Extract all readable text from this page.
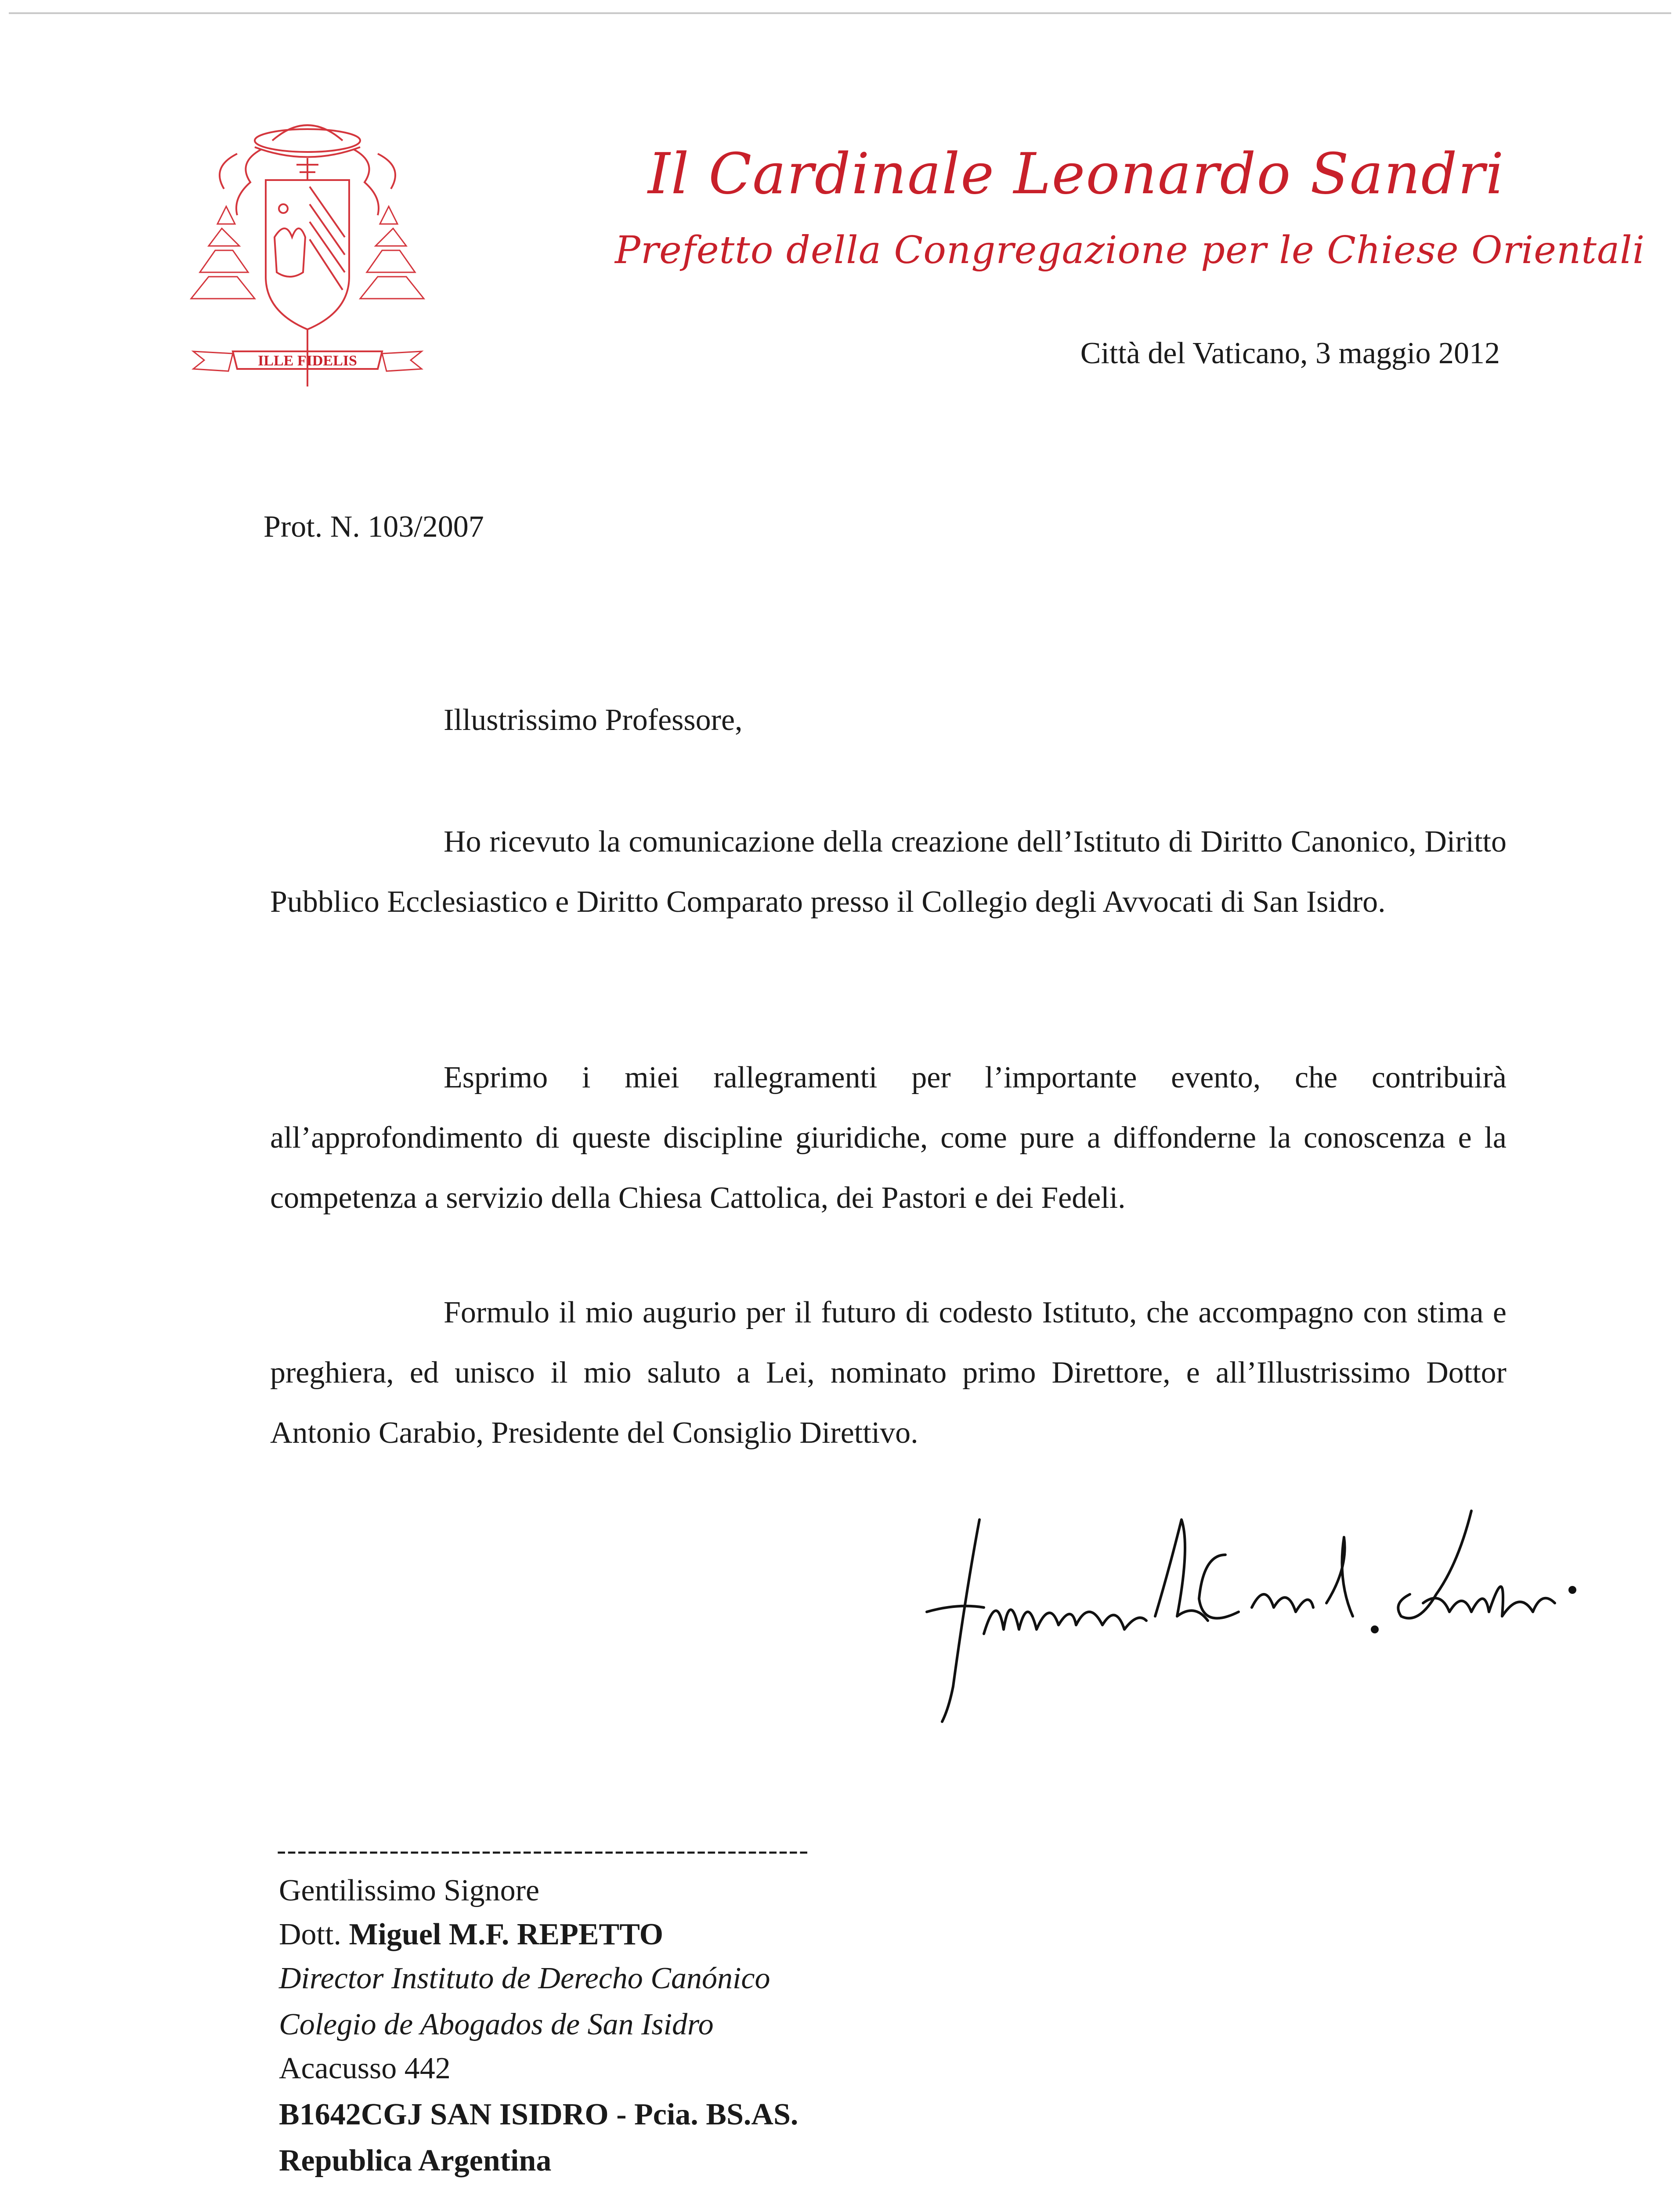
ILLE FIDELIS
Il Cardinale Leonardo Sandri
Prefetto della Congregazione per le Chiese Orientali
Città del Vaticano, 3 maggio 2012
Prot. N. 103/2007
Illustrissimo Professore,

Ho ricevuto la comunicazione della creazione dell’Istituto di Diritto Canonico, Diritto Pubblico Ecclesiastico e Diritto Comparato presso il Collegio degli Avvocati di San Isidro.

Esprimo i miei rallegramenti per l’importante evento, che contribuirà all’approfondimento di queste discipline giuridiche, come pure a diffonderne la conoscenza e la competenza a servizio della Chiesa Cattolica, dei Pastori e dei Fedeli.

Formulo il mio augurio per il futuro di codesto Istituto, che accompagno con stima e preghiera, ed unisco il mio saluto a Lei, nominato primo Direttore, e all’Illustrissimo Dottor Antonio Carabio, Presidente del Consiglio Direttivo.

----------------------------------------------------
Gentilissimo Signore
Dott. Miguel M.F. REPETTO
Director Instituto de Derecho Canónico
Colegio de Abogados de San Isidro
Acacusso 442
B1642CGJ SAN ISIDRO - Pcia. BS.AS.
Republica Argentina
